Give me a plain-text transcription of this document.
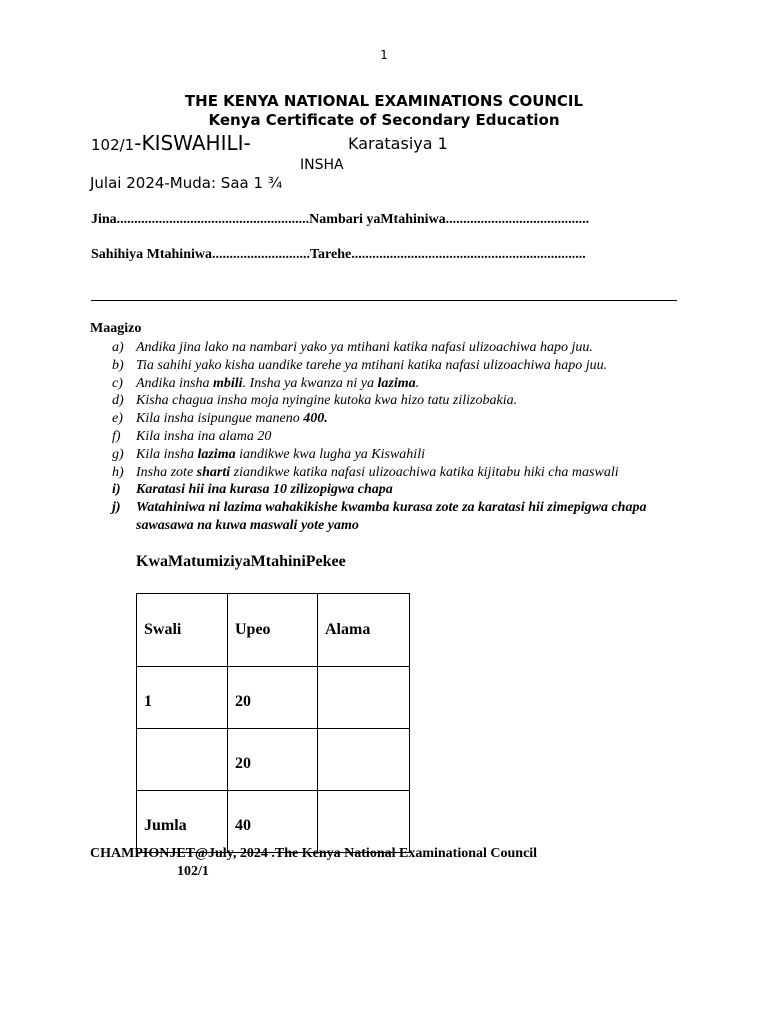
1
THE KENYA NATIONAL EXAMINATIONS COUNCIL
Kenya Certificate of Secondary Education
102/1-KISWAHILI-	Karatasiya 1
INSHA
Julai 2024-Muda: Saa 1 ¾
Jina.......................................................Nambari yaMtahiniwa.........................................
Sahihiya Mtahiniwa............................Tarehe...................................................................
Maagizo
a) Andika jina lako na nambari yako ya mtihani katika nafasi ulizoachiwa hapo juu.
b) Tia sahihi yako kisha uandike tarehe ya mtihani katika nafasi ulizoachiwa hapo juu.
c) Andika insha mbili. Insha ya kwanza ni ya lazima.
d) Kisha chagua insha moja nyingine kutoka kwa hizo tatu zilizobakia.
e) Kila insha isipungue maneno 400.
f)	Kila insha ina alama 20
g) Kila insha lazima iandikwe kwa lugha ya Kiswahili
h) Insha zote sharti ziandikwe katika nafasi ulizoachiwa katika kijitabu hiki cha maswali
i)	Karatasi hii ina kurasa 10 zilizopigwa chapa
j)	Watahiniwa ni lazima wahakikishe kwamba kurasa zote za karatasi hii zimepigwa chapa sawasawa na kuwa maswali yote yamo
KwaMatumiziyaMtahiniPekee
Swali	Upeo	Alama
1	20	
	20	
Jumla	40	
CHAMPIONJET@July, 2024 .The Kenya National Examinational Council
102/1
